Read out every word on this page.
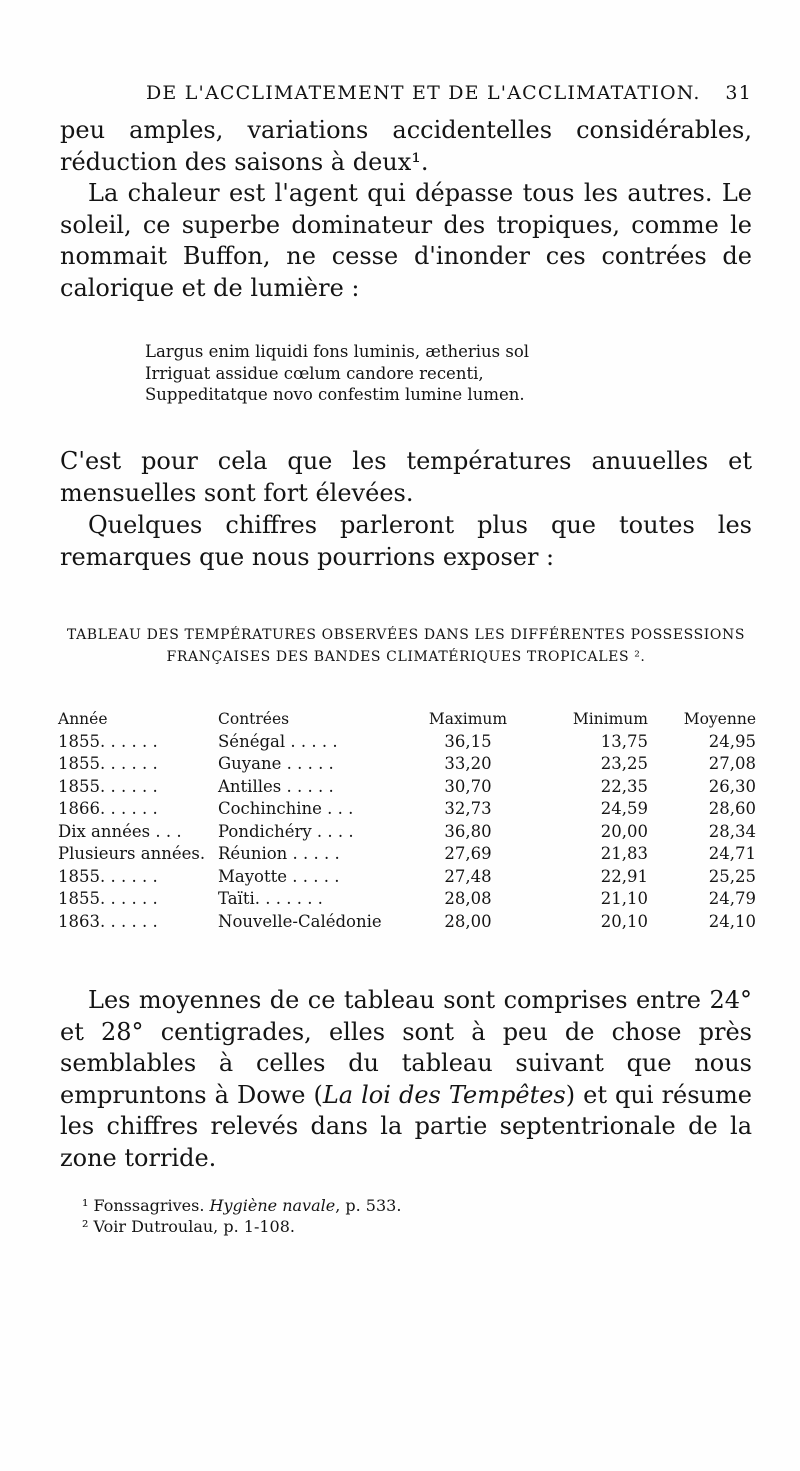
DE L'ACCLIMATEMENT ET DE L'ACCLIMATATION. 31

peu amples, variations accidentelles considérables, réduction des saisons à deux¹.

La chaleur est l'agent qui dépasse tous les autres. Le soleil, ce superbe dominateur des tropiques, comme le nommait Buffon, ne cesse d'inonder ces contrées de calorique et de lumière :

Largus enim liquidi fons luminis, ætherius sol
Irriguat assidue cœlum candore recenti,
Suppeditatque novo confestim lumine lumen.

C'est pour cela que les températures anuuelles et mensuelles sont fort élevées.

Quelques chiffres parleront plus que toutes les remarques que nous pourrions exposer :

TABLEAU DES TEMPÉRATURES OBSERVÉES DANS LES DIFFÉRENTES POSSESSIONS
FRANÇAISES DES BANDES CLIMATÉRIQUES TROPICALES ².
Année	Contrées	Maximum	Minimum	Moyenne
1855. . . . . .	Sénégal . . . . .	36,15	13,75	24,95
1855. . . . . .	Guyane . . . . .	33,20	23,25	27,08
1855. . . . . .	Antilles . . . . .	30,70	22,35	26,30
1866. . . . . .	Cochinchine . . .	32,73	24,59	28,60
Dix années . . .	Pondichéry . . . .	36,80	20,00	28,34
Plusieurs années.	Réunion . . . . .	27,69	21,83	24,71
1855. . . . . .	Mayotte . . . . .	27,48	22,91	25,25
1855. . . . . .	Taïti. . . . . . .	28,08	21,10	24,79
1863. . . . . .	Nouvelle-Calédonie	28,00	20,10	24,10

Les moyennes de ce tableau sont comprises entre 24° et 28° centigrades, elles sont à peu de chose près semblables à celles du tableau suivant que nous empruntons à Dowe (La loi des Tempêtes) et qui résume les chiffres relevés dans la partie septentrionale de la zone torride.

¹ Fonssagrives. Hygiène navale, p. 533.
² Voir Dutroulau, p. 1-108.
